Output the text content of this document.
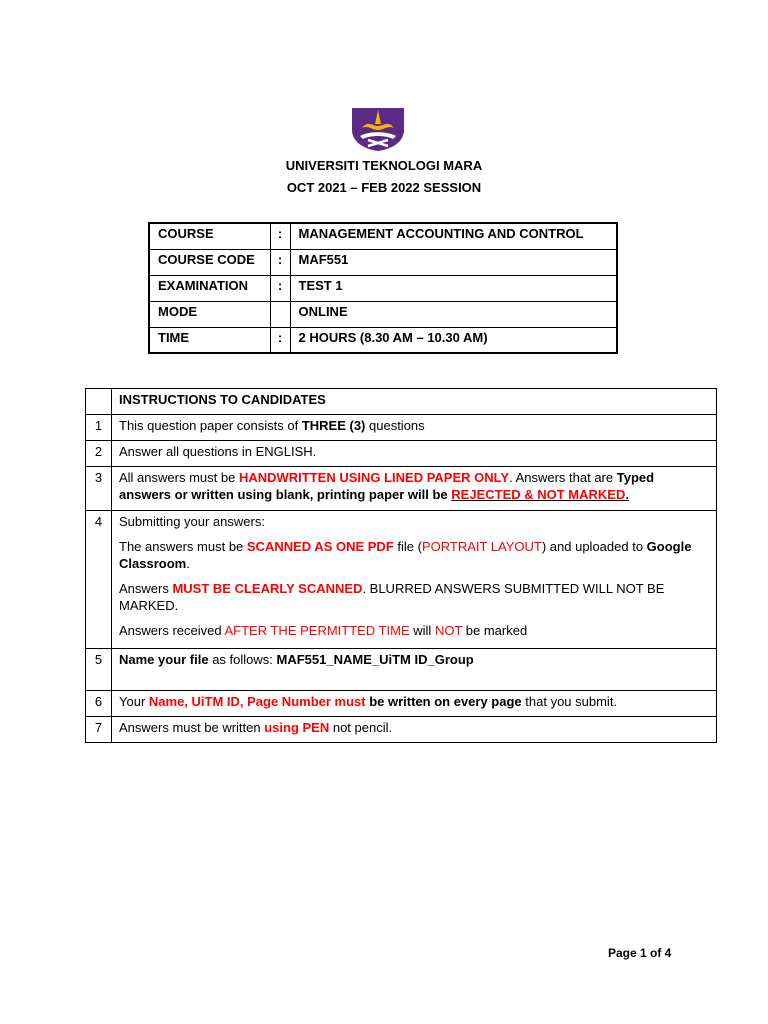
UNIVERSITI TEKNOLOGI MARA
OCT 2021 – FEB 2022 SESSION
COURSE	:	MANAGEMENT ACCOUNTING AND CONTROL
COURSE CODE	:	MAF551
EXAMINATION	:	TEST 1
MODE		ONLINE
TIME	:	2 HOURS (8.30 AM – 10.30 AM)
	INSTRUCTIONS TO CANDIDATES
1	This question paper consists of THREE (3) questions
2	Answer all questions in ENGLISH.
3	All answers must be HANDWRITTEN USING LINED PAPER ONLY. Answers that are Typed answers or written using blank, printing paper will be REJECTED & NOT MARKED.
4	Submitting your answers:
The answers must be SCANNED AS ONE PDF file (PORTRAIT LAYOUT) and uploaded to Google Classroom.
Answers MUST BE CLEARLY SCANNED. BLURRED ANSWERS SUBMITTED WILL NOT BE MARKED.
Answers received AFTER THE PERMITTED TIME will NOT be marked

5	Name your file as follows: MAF551_NAME_UiTM ID_Group
6	Your Name, UiTM ID, Page Number must be written on every page that you submit.
7	Answers must be written using PEN not pencil.
Page 1 of 4
